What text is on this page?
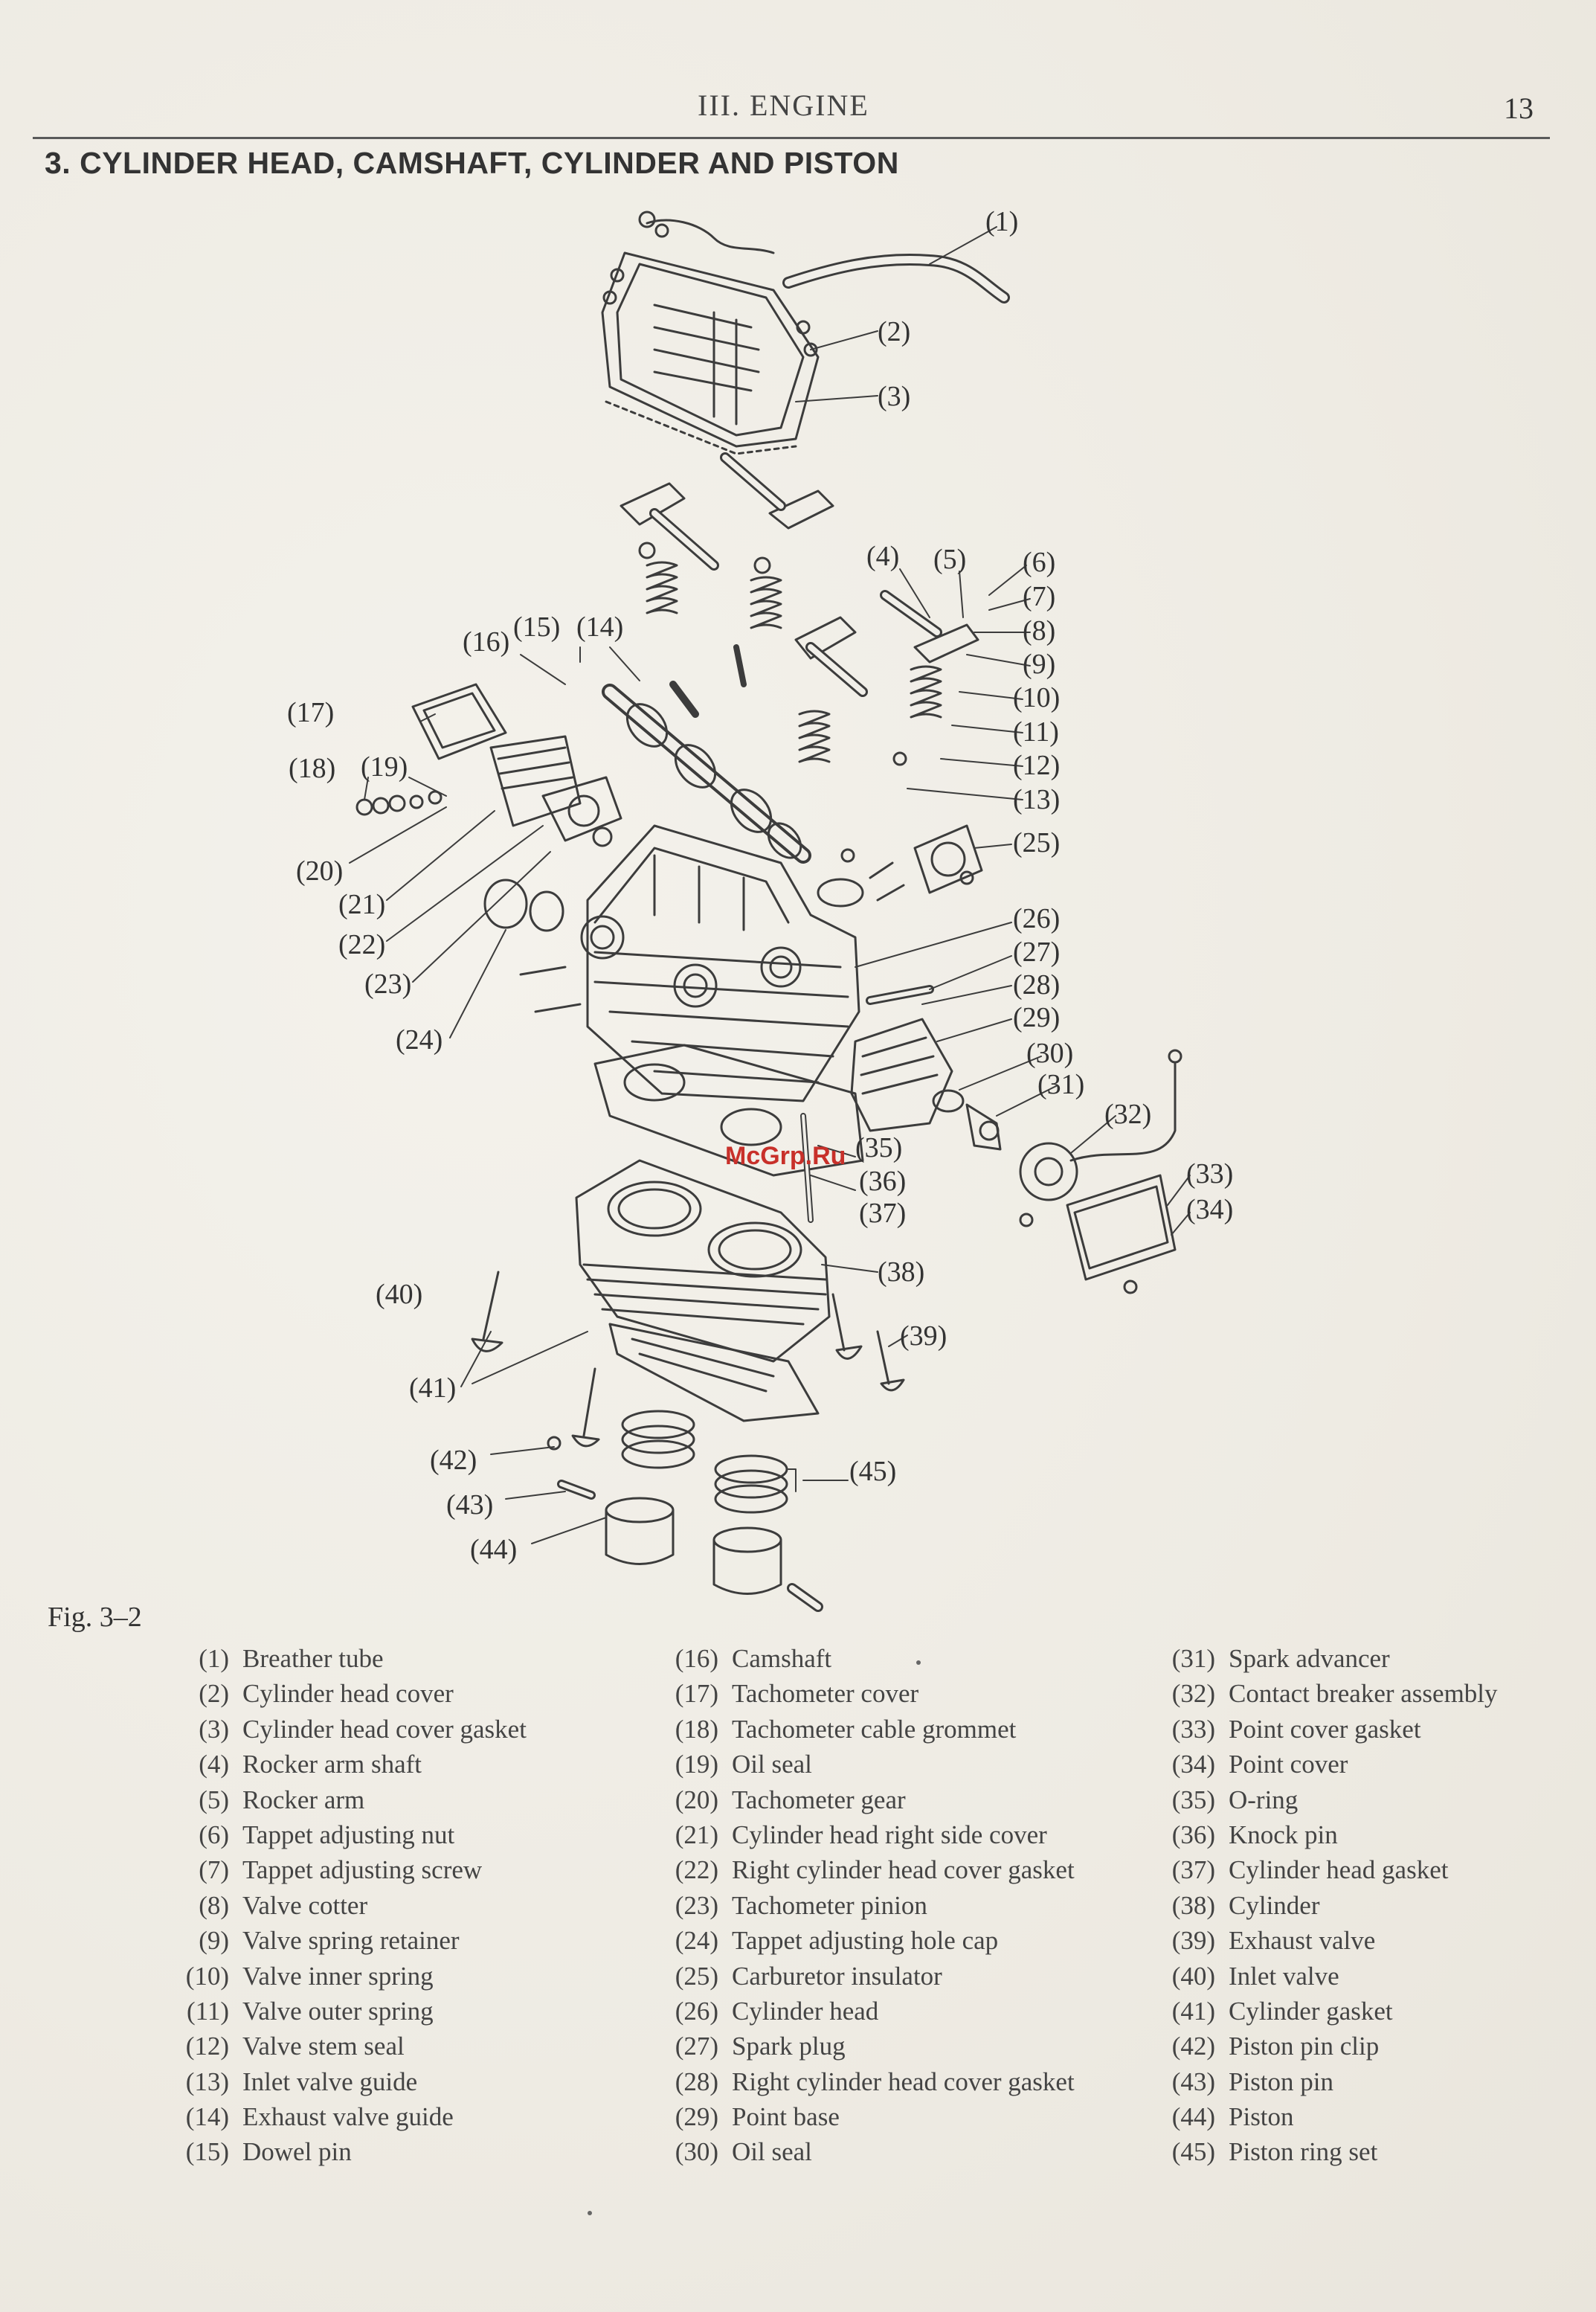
III. ENGINE	13
3. CYLINDER HEAD, CAMSHAFT, CYLINDER AND PISTON
(1)
(2)
(3)
(4) (5) (6)
(7)
(8)
(9)
(10)
(11)
(12)
(13)
(14)
(15)
(16)
(17)
(18) (19)
(20)
(21)
(22)
(23)
(24)
(25)
(26)
(27)
(28)
(29)
(30)
(31)
(32)
(33)
(34)
(35)
(36)
(37)
(38)
(39)
(40)
(41)
(42)
(43)
(44)
(45)
McGrp.Ru
Fig. 3–2
(1) Breather tube
(2) Cylinder head cover
(3) Cylinder head cover gasket
(4) Rocker arm shaft
(5) Rocker arm
(6) Tappet adjusting nut
(7) Tappet adjusting screw
(8) Valve cotter
(9) Valve spring retainer
(10) Valve inner spring
(11) Valve outer spring
(12) Valve stem seal
(13) Inlet valve guide
(14) Exhaust valve guide
(15) Dowel pin
(16) Camshaft
(17) Tachometer cover
(18) Tachometer cable grommet
(19) Oil seal
(20) Tachometer gear
(21) Cylinder head right side cover
(22) Right cylinder head cover gasket
(23) Tachometer pinion
(24) Tappet adjusting hole cap
(25) Carburetor insulator
(26) Cylinder head
(27) Spark plug
(28) Right cylinder head cover gasket
(29) Point base
(30) Oil seal
(31) Spark advancer
(32) Contact breaker assembly
(33) Point cover gasket
(34) Point cover
(35) O-ring
(36) Knock pin
(37) Cylinder head gasket
(38) Cylinder
(39) Exhaust valve
(40) Inlet valve
(41) Cylinder gasket
(42) Piston pin clip
(43) Piston pin
(44) Piston
(45) Piston ring set
